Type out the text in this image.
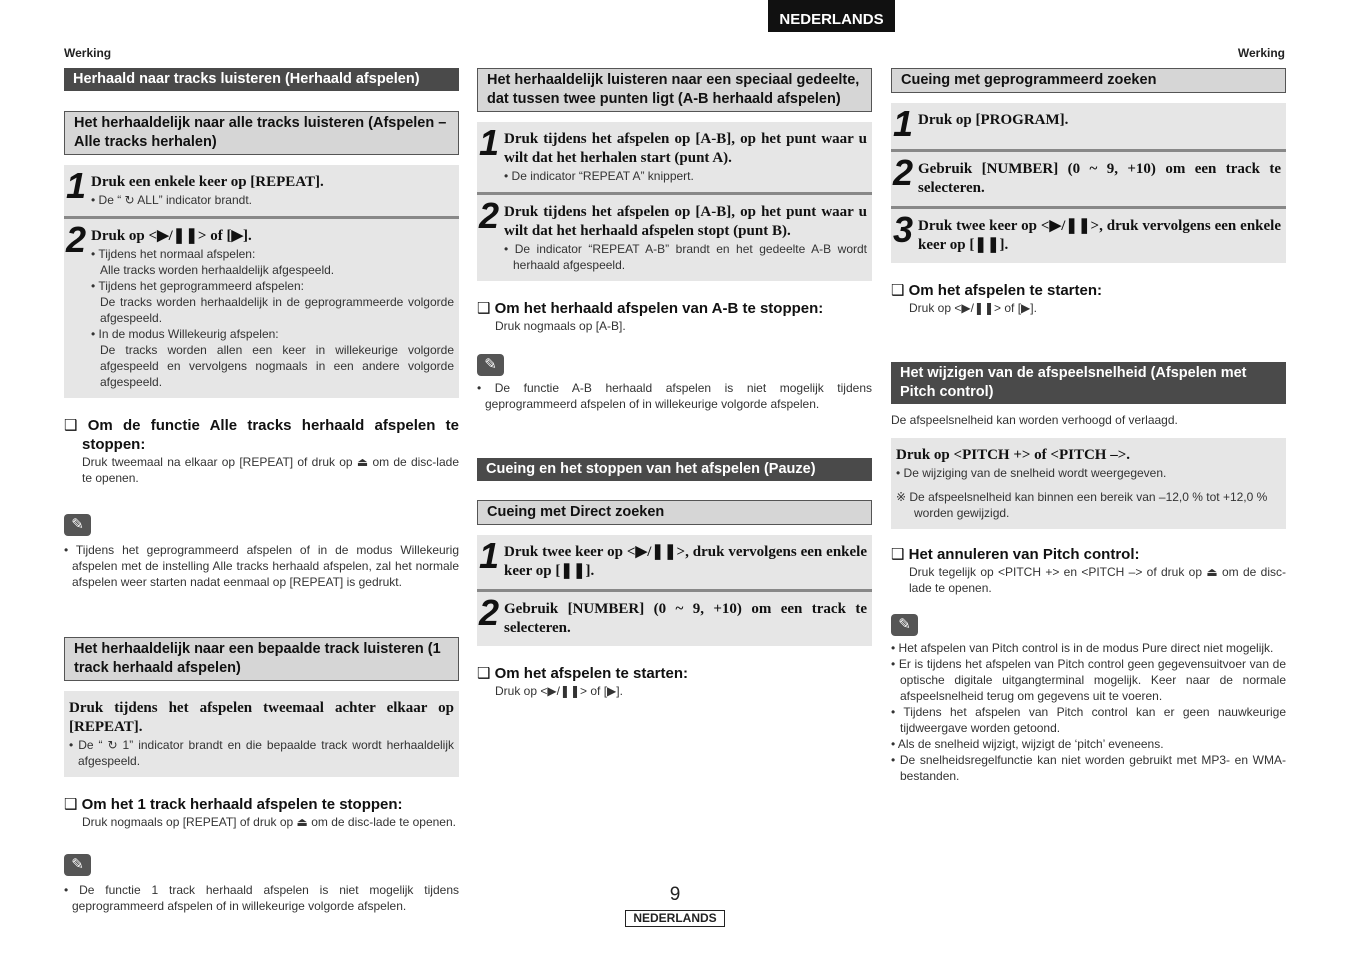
NEDERLANDS
Werking	Werking
Herhaald naar tracks luisteren (Herhaald afspelen)
Het herhaaldelijk naar alle tracks luisteren (Afspelen – Alle tracks herhalen)
1 Druk een enkele keer op [REPEAT].
• De “ ↻ ALL” indicator brandt.
2 Druk op <▶/❚❚> of [▶].
• Tijdens het normaal afspelen:
Alle tracks worden herhaaldelijk afgespeeld.
• Tijdens het geprogrammeerd afspelen:
De tracks worden herhaaldelijk in de geprogrammeerde volgorde afgespeeld.
• In de modus Willekeurig afspelen:
De tracks worden allen een keer in willekeurige volgorde afgespeeld en vervolgens nogmaals in een andere volgorde afgespeeld.
❑ Om de functie Alle tracks herhaald afspelen te stoppen:
Druk tweemaal na elkaar op [REPEAT] of druk op ⏏ om de disc-lade te openen.
✎
• Tijdens het geprogrammeerd afspelen of in de modus Willekeurig afspelen met de instelling Alle tracks herhaald afspelen, zal het normale afspelen weer starten nadat eenmaal op [REPEAT] is gedrukt.
Het herhaaldelijk naar een bepaalde track luisteren (1 track herhaald afspelen)
Druk tijdens het afspelen tweemaal achter elkaar op [REPEAT].
• De “ ↻ 1” indicator brandt en die bepaalde track wordt herhaaldelijk afgespeeld.
❑ Om het 1 track herhaald afspelen te stoppen:
Druk nogmaals op [REPEAT] of druk op ⏏ om de disc-lade te openen.
✎
• De functie 1 track herhaald afspelen is niet mogelijk tijdens geprogrammeerd afspelen of in willekeurige volgorde afspelen.
Het herhaaldelijk luisteren naar een speciaal gedeelte, dat tussen twee punten ligt (A-B herhaald afspelen)
1 Druk tijdens het afspelen op [A-B], op het punt waar u wilt dat het herhalen start (punt A).
• De indicator “REPEAT A” knippert.
2 Druk tijdens het afspelen op [A-B], op het punt waar u wilt dat het herhaald afspelen stopt (punt B).
• De indicator “REPEAT A-B” brandt en het gedeelte A-B wordt herhaald afgespeeld.
❑ Om het herhaald afspelen van A-B te stoppen:
Druk nogmaals op [A-B].
✎
• De functie A-B herhaald afspelen is niet mogelijk tijdens geprogrammeerd afspelen of in willekeurige volgorde afspelen.
Cueing en het stoppen van het afspelen (Pauze)
Cueing met Direct zoeken
1 Druk twee keer op <▶/❚❚>, druk vervolgens een enkele keer op [❚❚].
2 Gebruik [NUMBER] (0 ~ 9, +10) om een track te selecteren.
❑ Om het afspelen te starten:
Druk op <▶/❚❚> of [▶].
Cueing met geprogrammeerd zoeken
1 Druk op [PROGRAM].
2 Gebruik [NUMBER] (0 ~ 9, +10) om een track te selecteren.
3 Druk twee keer op <▶/❚❚>, druk vervolgens een enkele keer op [❚❚].
❑ Om het afspelen te starten:
Druk op <▶/❚❚> of [▶].
Het wijzigen van de afspeelsnelheid (Afspelen met Pitch control)
De afspeelsnelheid kan worden verhoogd of verlaagd.
Druk op <PITCH +> of <PITCH –>.
• De wijziging van de snelheid wordt weergegeven.
※ De afspeelsnelheid kan binnen een bereik van –12,0 % tot +12,0 % worden gewijzigd.
❑ Het annuleren van Pitch control:
Druk tegelijk op <PITCH +> en <PITCH –> of druk op ⏏ om de disc-lade te openen.
✎
• Het afspelen van Pitch control is in de modus Pure direct niet mogelijk.
• Er is tijdens het afspelen van Pitch control geen gegevensuitvoer van de optische digitale uitgangterminal mogelijk. Keer naar de normale afspeelsnelheid terug om gegevens uit te voeren.
• Tijdens het afspelen van Pitch control kan er geen nauwkeurige tijdweergave worden getoond.
• Als de snelheid wijzigt, wijzigt de ‘pitch’ eveneens.
• De snelheidsregelfunctie kan niet worden gebruikt met MP3- en WMA-bestanden.
9
NEDERLANDS
